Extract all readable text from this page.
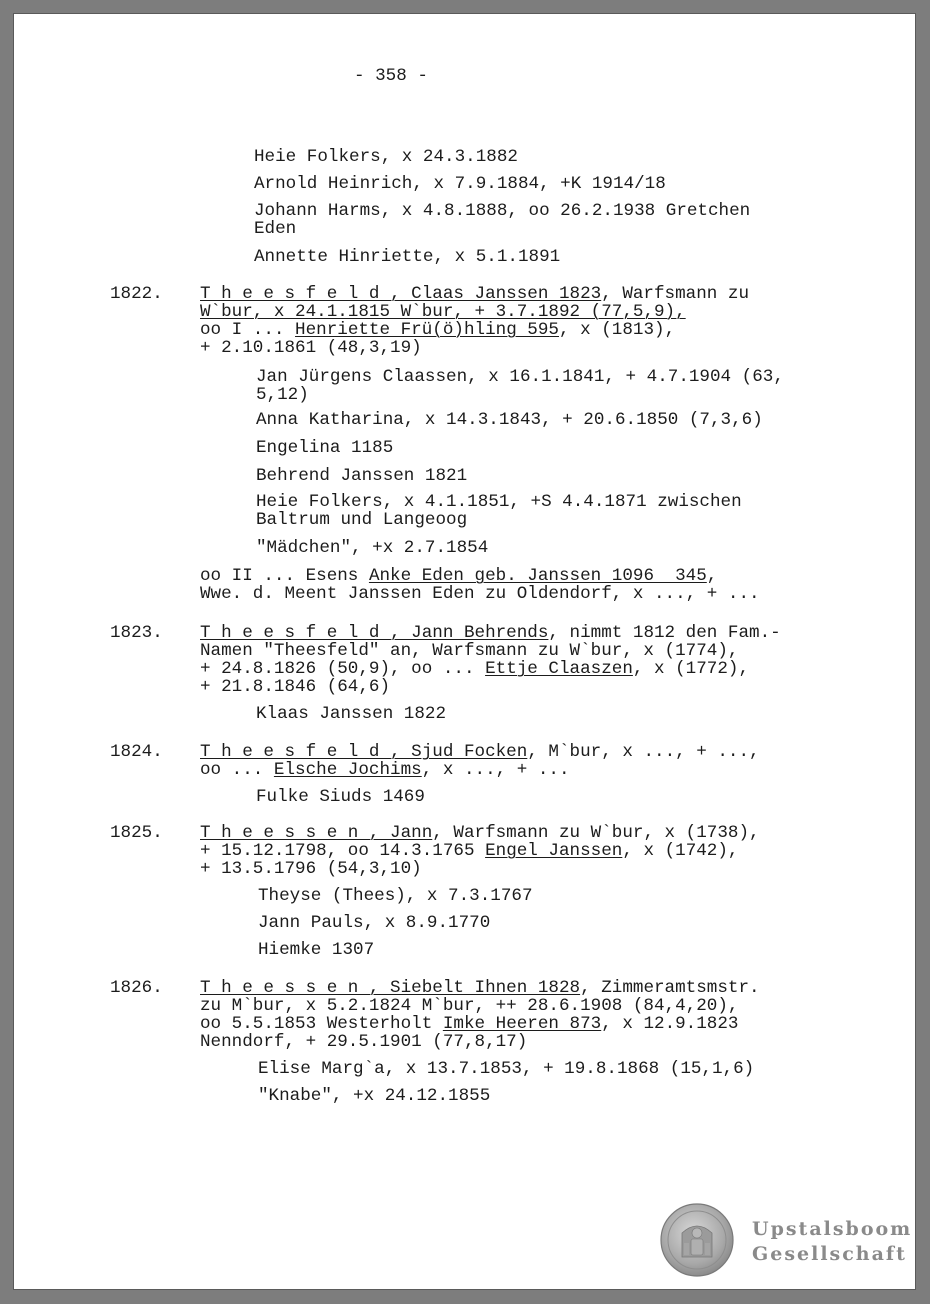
- 358 -
Heie Folkers, x 24.3.1882
Arnold Heinrich, x 7.9.1884, +K 1914/18
Johann Harms, x 4.8.1888, oo 26.2.1938 Gretchen
Eden
Annette Hinriette, x 5.1.1891
1822. T h e e s f e l d , Claas Janssen 1823, Warfsmann zu
W`bur, x 24.1.1815 W`bur, + 3.7.1892 (77,5,9),
oo I ... Henriette Frü(ö)hling 595, x (1813),
+ 2.10.1861 (48,3,19)
Jan Jürgens Claassen, x 16.1.1841, + 4.7.1904 (63,
5,12)
Anna Katharina, x 14.3.1843, + 20.6.1850 (7,3,6)
Engelina 1185
Behrend Janssen 1821
Heie Folkers, x 4.1.1851, +S 4.4.1871 zwischen
Baltrum und Langeoog
"Mädchen", +x 2.7.1854
oo II ... Esens Anke Eden geb. Janssen 1096  345,
Wwe. d. Meent Janssen Eden zu Oldendorf, x ..., + ...
1823. T h e e s f e l d , Jann Behrends, nimmt 1812 den Fam.-
Namen "Theesfeld" an, Warfsmann zu W`bur, x (1774),
+ 24.8.1826 (50,9), oo ... Ettje Claaszen, x (1772),
+ 21.8.1846 (64,6)
Klaas Janssen 1822
1824. T h e e s f e l d , Sjud Focken, M`bur, x ..., + ...,
oo ... Elsche Jochims, x ..., + ...
Fulke Siuds 1469
1825. T h e e s s e n , Jann, Warfsmann zu W`bur, x (1738),
+ 15.12.1798, oo 14.3.1765 Engel Janssen, x (1742),
+ 13.5.1796 (54,3,10)
Theyse (Thees), x 7.3.1767
Jann Pauls, x 8.9.1770
Hiemke 1307
1826. T h e e s s e n , Siebelt Ihnen 1828, Zimmeramtsmstr.
zu M`bur, x 5.2.1824 M`bur, ++ 28.6.1908 (84,4,20),
oo 5.5.1853 Westerholt Imke Heeren 873, x 12.9.1823
Nenndorf, + 29.5.1901 (77,8,17)
Elise Marg`a, x 13.7.1853, + 19.8.1868 (15,1,6)
"Knabe", +x 24.12.1855
Upstalsboom
Gesellschaft
